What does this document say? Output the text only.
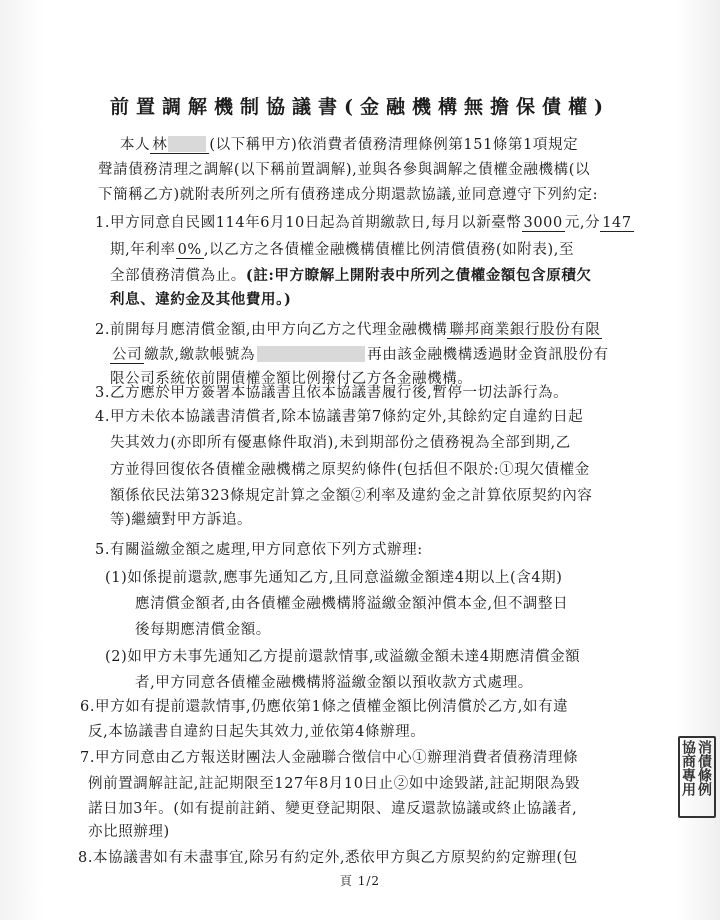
前置調解機制協議書(金融機構無擔保債權)
本人 林	(以下稱甲方)依消費者債務清理條例第151條第1項規定
聲請債務清理之調解(以下稱前置調解),並與各參與調解之債權金融機構(以
下簡稱乙方)就附表所列之所有債務達成分期還款協議,並同意遵守下列約定:
1.甲方同意自民國114年6月10日起為首期繳款日,每月以新臺幣 3000 元,分 147
期,年利率 0% ,以乙方之各債權金融機構債權比例清償債務(如附表),至
全部債務清償為止。(註:甲方瞭解上開附表中所列之債權金額包含原積欠
利息、違約金及其他費用。)
2.前開每月應清償金額,由甲方向乙方之代理金融機構 聯邦商業銀行股份有限
公司 繳款,繳款帳號為	再由該金融機構透過財金資訊股份有
限公司系統依前開債權金額比例撥付乙方各金融機構。
3.乙方應於甲方簽署本協議書且依本協議書履行後,暫停一切法訴行為。
4.甲方未依本協議書清償者,除本協議書第7條約定外,其餘約定自違約日起
失其效力(亦即所有優惠條件取消),未到期部份之債務視為全部到期,乙
方並得回復依各債權金融機構之原契約條件(包括但不限於:①現欠債權金
額係依民法第323條規定計算之金額②利率及違約金之計算依原契約內容
等)繼續對甲方訴追。
5.有關溢繳金額之處理,甲方同意依下列方式辦理:
(1)如係提前還款,應事先通知乙方,且同意溢繳金額達4期以上(含4期)
應清償金額者,由各債權金融機構將溢繳金額沖償本金,但不調整日
後每期應清償金額。
(2)如甲方未事先通知乙方提前還款情事,或溢繳金額未達4期應清償金額
者,甲方同意各債權金融機構將溢繳金額以預收款方式處理。
6.甲方如有提前還款情事,仍應依第1條之債權金額比例清償於乙方,如有違
反,本協議書自違約日起失其效力,並依第4條辦理。
7.甲方同意由乙方報送財團法人金融聯合徵信中心①辦理消費者債務清理條
例前置調解註記,註記期限至127年8月10日止②如中途毀諾,註記期限為毀
諾日加3年。(如有提前註銷、變更登記期限、違反還款協議或終止協議者,
亦比照辦理)
8.本協議書如有未盡事宜,除另有約定外,悉依甲方與乙方原契約約定辦理(包
消債條例
協商專用
頁 1/2
